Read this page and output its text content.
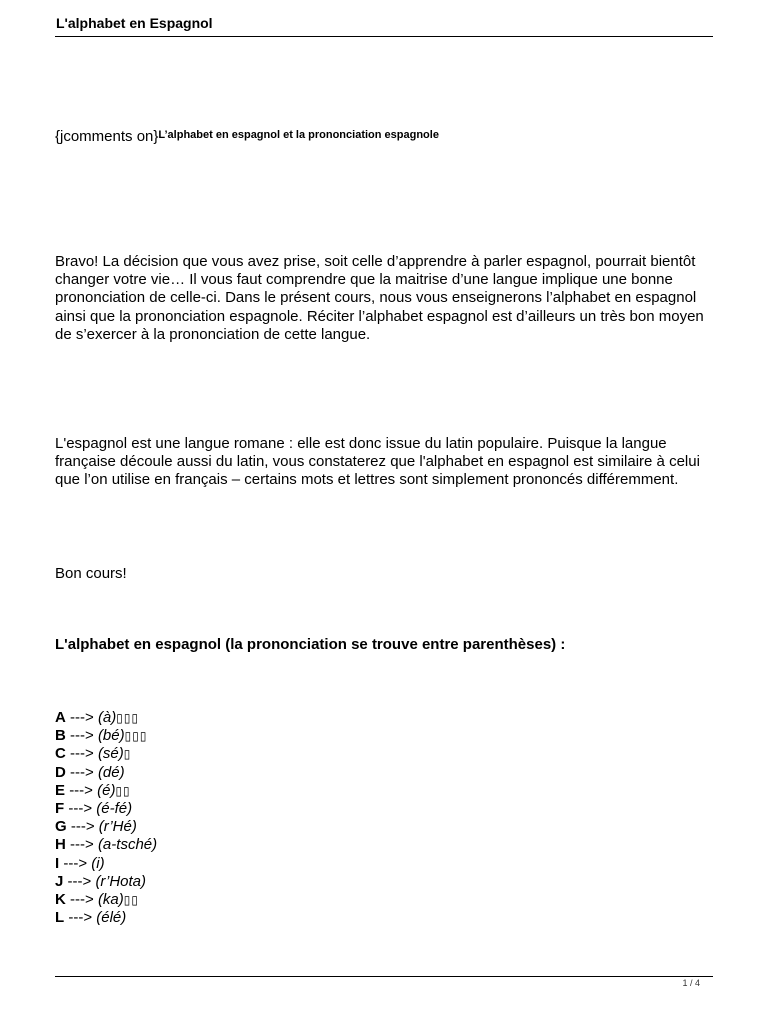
L'alphabet en Espagnol
{jcomments on}$^{L’alphabet en espagnol et la prononciation espagnole}$

Bravo! La décision que vous avez prise, soit celle d’apprendre à parler espagnol, pourrait bientôt changer votre vie… Il vous faut comprendre que la maitrise d’une langue implique une bonne prononciation de celle-ci. Dans le présent cours, nous vous enseignerons l’alphabet en espagnol ainsi que la prononciation espagnole. Réciter l’alphabet espagnol est d’ailleurs un très bon moyen de s’exercer à la prononciation de cette langue.

L'espagnol est une langue romane : elle est donc issue du latin populaire. Puisque la langue française découle aussi du latin, vous constaterez que l'alphabet en espagnol est similaire à celui que l’on utilise en français – certains mots et lettres sont simplement prononcés différemment.

Bon cours!

L'alphabet en espagnol (la prononciation se trouve entre parenthèses) :
A ---> (à)▯▯▯
B ---> (bé)▯▯▯
C ---> (sé)▯
D ---> (dé)
E ---> (é)▯▯
F ---> (é-fé)
G ---> (r’Hé)
H ---> (a-tsché)
I ---> (i)
J ---> (r’Hota)
K ---> (ka)▯▯
L ---> (élé)
1 / 4
